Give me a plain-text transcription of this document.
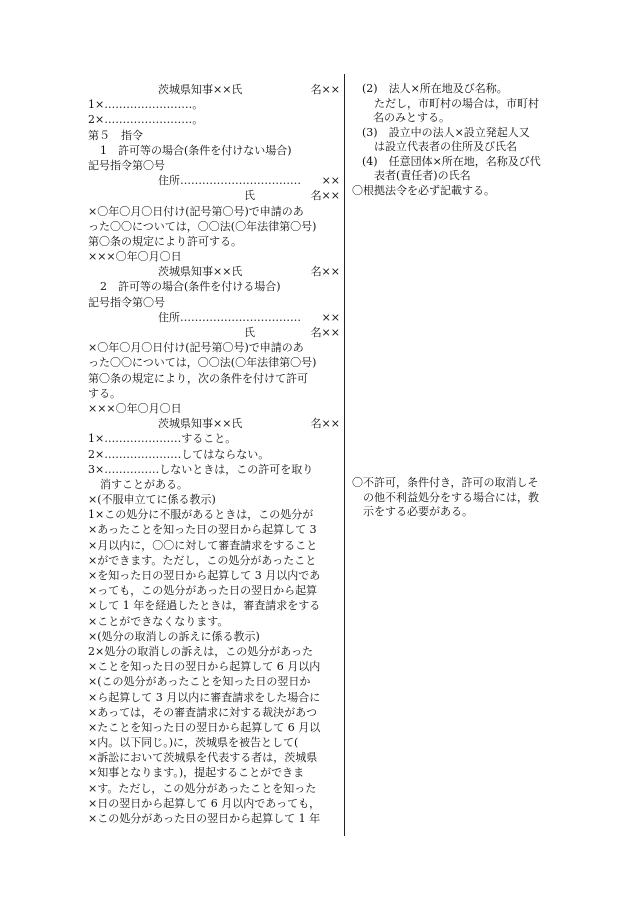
茨城県知事××氏	名××
1×……………………。
2×……………………。
第５　指令
1　許可等の場合(条件を付けない場合)
記号指令第〇号
住所…………………………… ××
氏	名××
×〇年〇月〇日付け(記号第〇号)で申請のあ
った〇〇については，〇〇法(〇年法律第〇号)
第〇条の規定により許可する。
×××〇年〇月〇日
茨城県知事××氏	名××
2　許可等の場合(条件を付ける場合)
記号指令第〇号
住所…………………………… ××
氏	名××
×〇年〇月〇日付け(記号第〇号)で申請のあ
った〇〇については，〇〇法(〇年法律第〇号)
第〇条の規定により，次の条件を付けて許可
する。
×××〇年〇月〇日
茨城県知事××氏	名××
1×…………………すること。
2×…………………してはならない。
3×……………しないときは，この許可を取り
消すことがある。
×(不服申立てに係る教示)
1×この処分に不服があるときは，この処分が
×あったことを知った日の翌日から起算して 3
×月以内に，〇〇に対して審査請求をすること
×ができます。ただし，この処分があったこと
×を知った日の翌日から起算して 3 月以内であ
×っても，この処分があった日の翌日から起算
×して 1 年を経過したときは，審査請求をする
×ことができなくなります。
×(処分の取消しの訴えに係る教示)
2×処分の取消しの訴えは，この処分があった
×ことを知った日の翌日から起算して 6 月以内
×(この処分があったことを知った日の翌日か
×ら起算して 3 月以内に審査請求をした場合に
×あっては，その審査請求に対する裁決があつ
×たことを知った日の翌日から起算して 6 月以
×内。以下同じ。)に，茨城県を被告として(
×訴訟において茨城県を代表する者は，茨城県
×知事となります。)，提起することができま
×す。ただし，この処分があったことを知った
×日の翌日から起算して 6 月以内であっても，
×この処分があった日の翌日から起算して 1 年
(2)　法人×所在地及び名称。
ただし，市町村の場合は，市町村
　名のみとする。
(3)　設立中の法人×設立発起人又
は設立代表者の住所及び氏名
(4)　任意団体×所在地，名称及び代
表者(責任者)の氏名
〇根拠法令を必ず記載する。
〇不許可，条件付き，許可の取消しそ
　の他不利益処分をする場合には，教
　示をする必要がある。
